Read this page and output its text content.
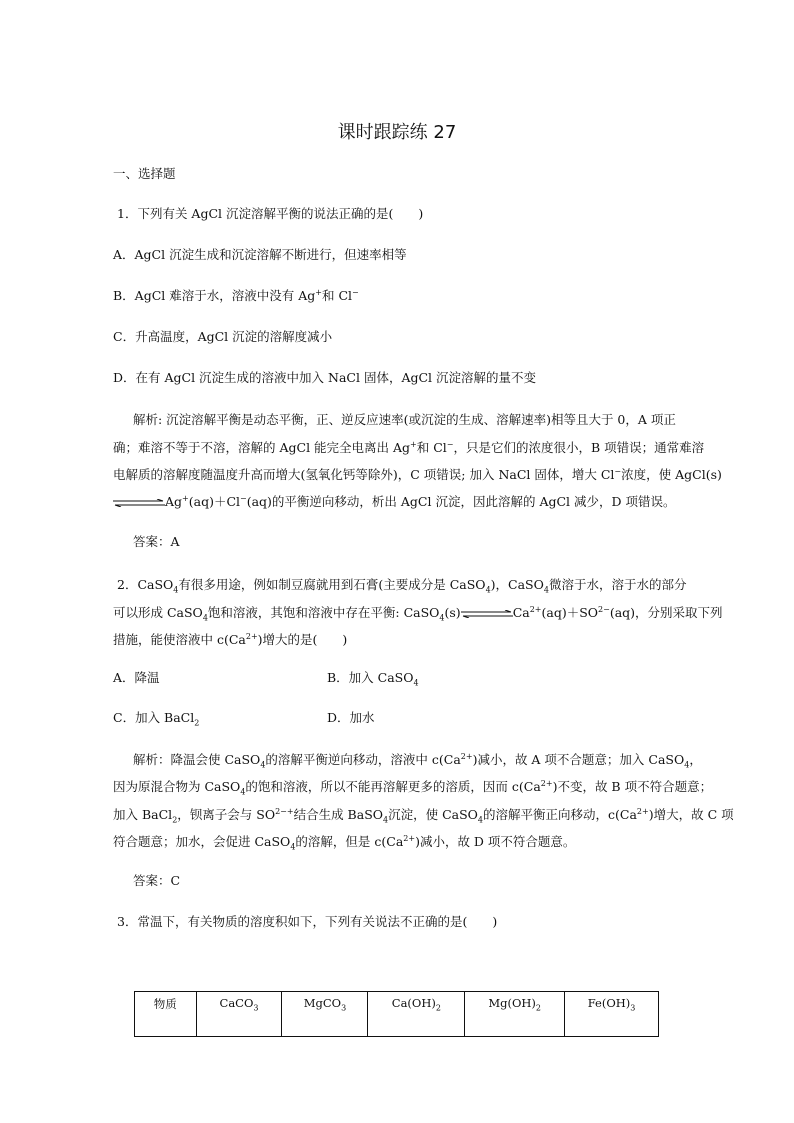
课时跟踪练 27
一、选择题
1．下列有关 AgCl 沉淀溶解平衡的说法正确的是(　　)
A．AgCl 沉淀生成和沉淀溶解不断进行，但速率相等
B．AgCl 难溶于水，溶液中没有 Ag+和 Cl−
C．升高温度，AgCl 沉淀的溶解度减小
D．在有 AgCl 沉淀生成的溶液中加入 NaCl 固体，AgCl 沉淀溶解的量不变
解析: 沉淀溶解平衡是动态平衡，正、逆反应速率(或沉淀的生成、溶解速率)相等且大于 0，A 项正
确；难溶不等于不溶，溶解的 AgCl 能完全电离出 Ag+和 Cl−，只是它们的浓度很小，B 项错误；通常难溶
电解质的溶解度随温度升高而增大(氢氧化钙等除外)，C 项错误; 加入 NaCl 固体，增大 Cl−浓度，使 AgCl(s)
Ag+(aq)＋Cl−(aq)的平衡逆向移动，析出 AgCl 沉淀，因此溶解的 AgCl 减少，D 项错误。
答案：A
2．CaSO$_4$有很多用途，例如制豆腐就用到石膏(主要成分是 CaSO$_4$)，CaSO$_4$微溶于水，溶于水的部分
可以形成 CaSO$_4$饱和溶液，其饱和溶液中存在平衡: CaSO$_4$(s)	$Ca^{2+}(aq)+SO^{2-}(aq)$，分别采取下列
措施，能使溶液中 $c(Ca^{2+})$增大的是(　　)
A．降温	B．加入 CaSO$_4$
C．加入 BaCl$_2$	D．加水
解析：降温会使 CaSO$_4$的溶解平衡逆向移动，溶液中 $c(Ca^{2+})$减小，故 A 项不合题意；加入 CaSO$_4$，
因为原混合物为 CaSO$_4$的饱和溶液，所以不能再溶解更多的溶质，因而 $c(Ca^{2+})$不变，故 B 项不符合题意；
加入 BaCl$_2$，钡离子会与 $SO^{2-+}$结合生成 BaSO$_4$沉淀，使 CaSO$_4$的溶解平衡正向移动，$c(Ca^{2+})$增大，故 C 项
符合题意；加水，会促进 CaSO$_4$的溶解，但是 $c(Ca^{2+})$减小，故 D 项不符合题意。
答案：C
3．常温下，有关物质的溶度积如下，下列有关说法不正确的是(　　)
物质	CaCO$_3$	MgCO$_3$	$Ca(OH)_2$	$Mg(OH)_2$	$Fe(OH)_3$
